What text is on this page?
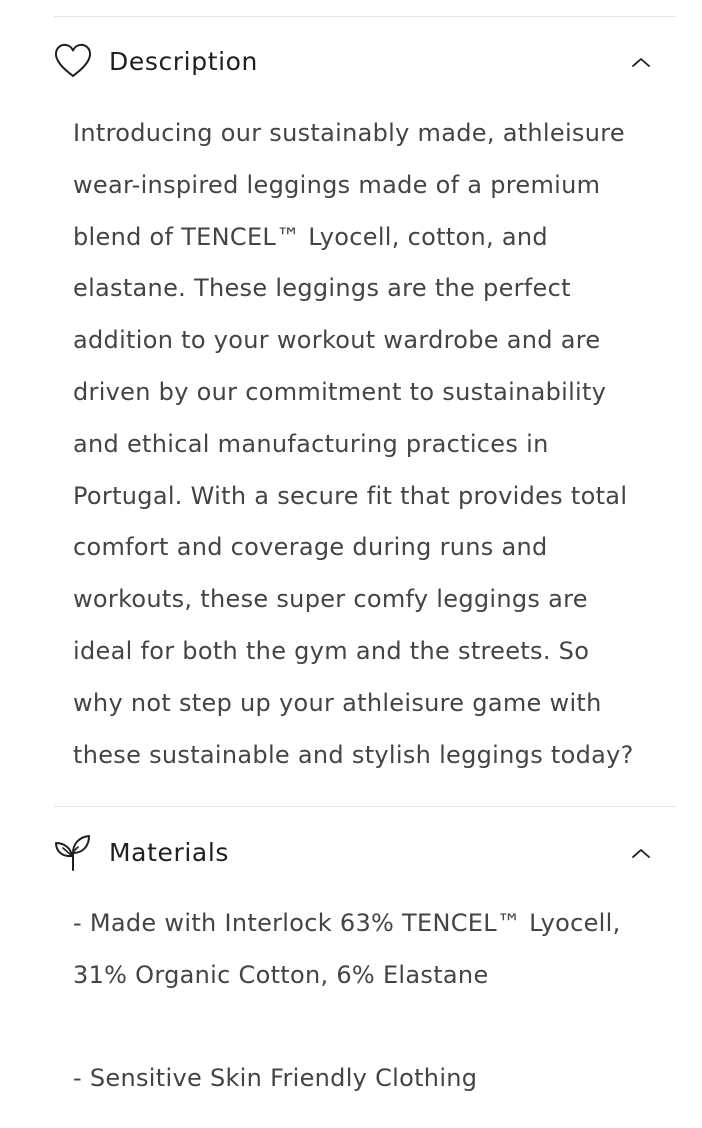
Description
Introducing our sustainably made, athleisure
wear-inspired leggings made of a premium
blend of TENCEL™ Lyocell, cotton, and
elastane. These leggings are the perfect
addition to your workout wardrobe and are
driven by our commitment to sustainability
and ethical manufacturing practices in
Portugal. With a secure fit that provides total
comfort and coverage during runs and
workouts, these super comfy leggings are
ideal for both the gym and the streets. So
why not step up your athleisure game with
these sustainable and stylish leggings today?
Materials
- Made with Interlock 63% TENCEL™ Lyocell,
31% Organic Cotton, 6% Elastane
- Sensitive Skin Friendly Clothing
